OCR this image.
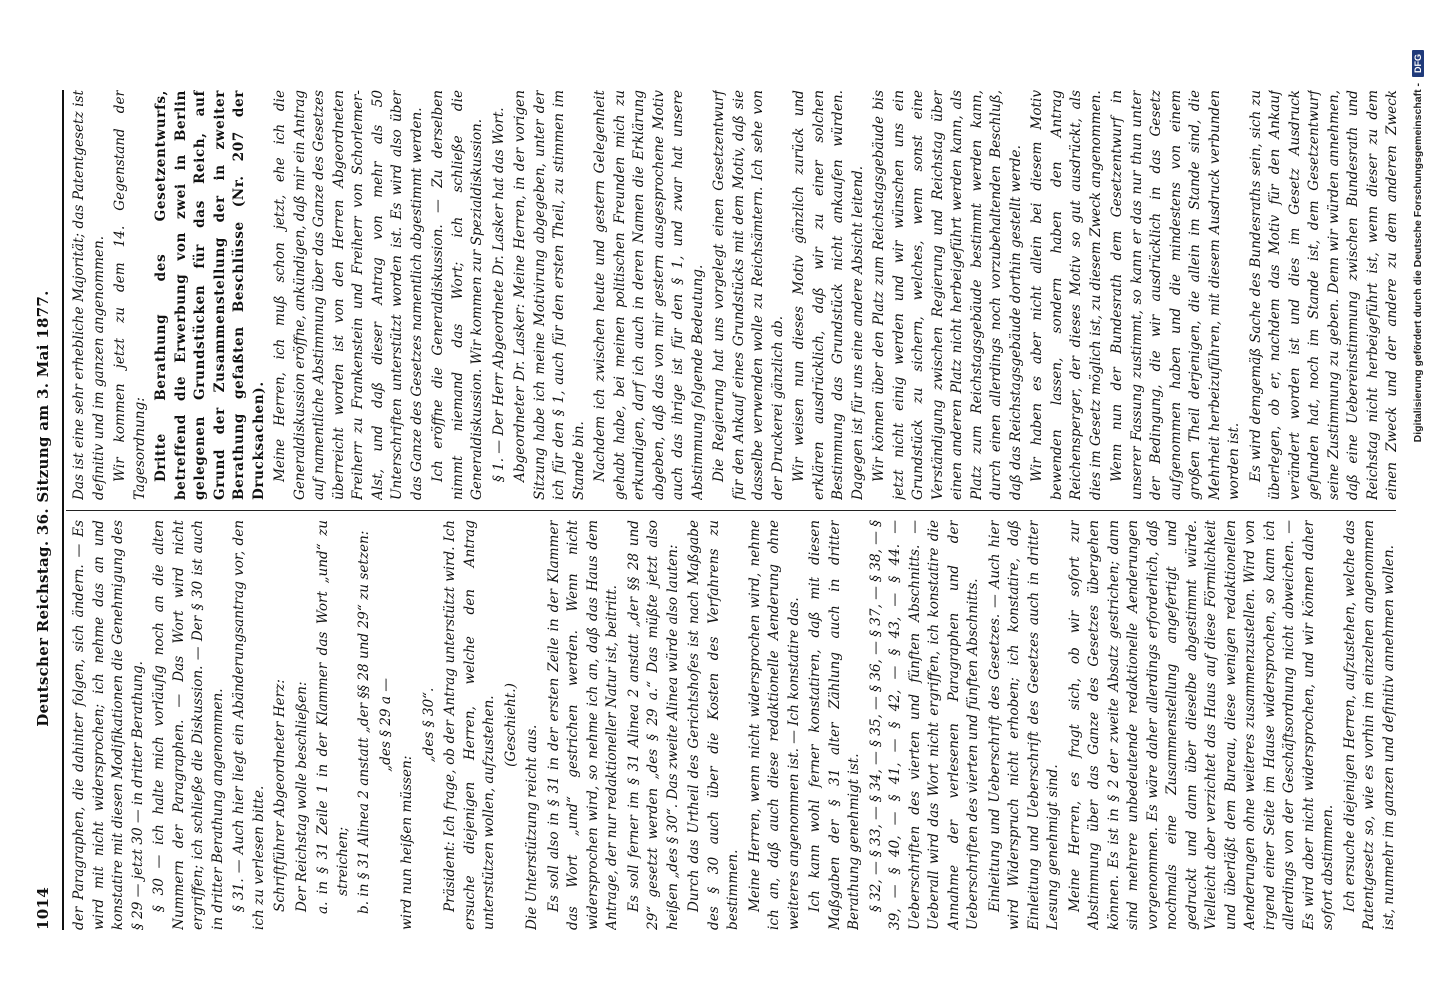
1014
Deutscher Reichstag. 36. Sitzung am 3. Mai 1877. der Paragraphen, die dahinter folgen, sich ändern. — Es wird mit nicht widersprochen; ich nehme das an und konstatire mit diesen Modifikationen die Genehmigung des § 29 — jetzt 30 — in dritter Berathung. § 30 — ich halte mich vorläufig noch an die alten Nummern der Paragraphen. — Das Wort wird nicht ergriffen; ich schließe die Diskussion. — Der § 30 ist auch in dritter Berathung angenommen. § 31. — Auch hier liegt ein Abänderungsantrag vor, den ich zu verlesen bitte. Schriftführer Abgeordneter Herz: Der Reichstag wolle beschließen: a. in § 31 Zeile 1 in der Klammer das Wort „und“ zu streichen; b. in § 31 Alinea 2 anstatt „der §§ 28 und 29“ zu setzen: „des § 29 a —

wird nun heißen müssen:

„des § 30“. Präsident: Ich frage, ob der Antrag unterstützt wird. Ich ersuche diejenigen Herren, welche den Antrag unterstützen wollen, aufzustehen. (Geschieht.) Die Unterstützung reicht aus. Es soll also in § 31 in der ersten Zeile in der Klammer das Wort „und“ gestrichen werden. Wenn nicht widersprochen wird, so nehme ich an, daß das Haus dem Antrage, der nur redaktioneller Natur ist, beitritt. Es soll ferner im § 31 Alinea 2 anstatt „der §§ 28 und 29“ gesetzt werden „des § 29 a.“ Das müßte jetzt also heißen „des § 30“. Das zweite Alinea würde also lauten: Durch das Urtheil des Gerichtshofes ist nach Maßgabe des § 30 auch über die Kosten des Verfahrens zu bestimmen. Meine Herren, wenn nicht widersprochen wird, nehme ich an, daß auch diese redaktionelle Aenderung ohne weiteres angenommen ist. — Ich konstatire das. Ich kann wohl ferner konstatiren, daß mit diesen Maßgaben der § 31 alter Zählung auch in dritter Berathung genehmigt ist. § 32, — § 33, — § 34, — § 35, — § 36, — § 37, — § 38, — § 39, — § 40, — § 41, — § 42, — § 43, — § 44. — Ueberschriften des vierten und fünften Abschnitts. — Ueberall wird das Wort nicht ergriffen, ich konstatire die Annahme der verlesenen Paragraphen und der Ueberschriften des vierten und fünften Abschnitts. Einleitung und Ueberschrift des Gesetzes. — Auch hier wird Widerspruch nicht erhoben; ich konstatire, daß Einleitung und Ueberschrift des Gesetzes auch in dritter Lesung genehmigt sind. Meine Herren, es fragt sich, ob wir sofort zur Abstimmung über das Ganze des Gesetzes übergehen können. Es ist in § 2 der zweite Absatz gestrichen; dann sind mehrere unbedeutende redaktionelle Aenderungen vorgenommen. Es wäre daher allerdings erforderlich, daß nochmals eine Zusammenstellung angefertigt und gedruckt und dann über dieselbe abgestimmt würde. Vielleicht aber verzichtet das Haus auf diese Förmlichkeit und überläßt dem Bureau, diese wenigen redaktionellen Aenderungen ohne weiteres zusammenzustellen. Wird von irgend einer Seite im Hause widersprochen, so kann ich allerdings von der Geschäftsordnung nicht abweichen. — Es wird aber nicht widersprochen, und wir können daher sofort abstimmen. Ich ersuche diejenigen Herren, aufzustehen, welche das Patentgesetz so, wie es vorhin im einzelnen angenommen ist, nunmehr im ganzen und definitiv annehmen wollen.

Das ist eine sehr erhebliche Majorität; das Patentgesetz ist definitiv und im ganzen angenommen. Wir kommen jetzt zu dem 14. Gegenstand der Tagesordnung: Dritte Berathung des Gesetzentwurfs, betreffend die Erwerbung von zwei in Berlin gelegenen Grundstücken für das Reich, auf Grund der Zusammenstellung der in zweiter Berathung gefaßten Beschlüsse (Nr. 207 der Drucksachen). Meine Herren, ich muß schon jetzt, ehe ich die Generaldiskussion eröffne, ankündigen, daß mir ein Antrag auf namentliche Abstimmung über das Ganze des Gesetzes überreicht worden ist von den Herren Abgeordneten Freiherr zu Frankenstein und Freiherr von Schorlemer-Alst, und daß dieser Antrag von mehr als 50 Unterschriften unterstützt worden ist. Es wird also über das Ganze des Gesetzes namentlich abgestimmt werden. Ich eröffne die Generaldiskussion. — Zu derselben nimmt niemand das Wort; ich schließe die Generaldiskussion. Wir kommen zur Spezialdiskussion. § 1. — Der Herr Abgeordnete Dr. Lasker hat das Wort. Abgeordneter Dr. Lasker: Meine Herren, in der vorigen Sitzung habe ich meine Motivirung abgegeben, unter der ich für den § 1, auch für den ersten Theil, zu stimmen im Stande bin. Nachdem ich zwischen heute und gestern Gelegenheit gehabt habe, bei meinen politischen Freunden mich zu erkundigen, darf ich auch in deren Namen die Erklärung abgeben, daß das von mir gestern ausgesprochene Motiv auch das ihrige ist für den § 1, und zwar hat unsere Abstimmung folgende Bedeutung. Die Regierung hat uns vorgelegt einen Gesetzentwurf für den Ankauf eines Grundstücks mit dem Motiv, daß sie dasselbe verwenden wolle zu Reichsämtern. Ich sehe von der Druckerei gänzlich ab. Wir weisen nun dieses Motiv gänzlich zurück und erklären ausdrücklich, daß wir zu einer solchen Bestimmung das Grundstück nicht ankaufen würden. Dagegen ist für uns eine andere Absicht leitend. Wir können über den Platz zum Reichstagsgebäude bis jetzt nicht einig werden und wir wünschen uns ein Grundstück zu sichern, welches, wenn sonst eine Verständigung zwischen Regierung und Reichstag über einen anderen Platz nicht herbeigeführt werden kann, als Platz zum Reichstagsgebäude bestimmt werden kann, durch einen allerdings noch vorzubehaltenden Beschluß, daß das Reichstagsgebäude dorthin gestellt werde. Wir haben es aber nicht allein bei diesem Motiv bewenden lassen, sondern haben den Antrag Reichensperger, der dieses Motiv so gut ausdrückt, als dies im Gesetz möglich ist, zu diesem Zweck angenommen. Wenn nun der Bundesrath dem Gesetzentwurf in unserer Fassung zustimmt, so kann er das nur thun unter der Bedingung, die wir ausdrücklich in das Gesetz aufgenommen haben und die mindestens von einem großen Theil derjenigen, die allein im Stande sind, die Mehrheit herbeizuführen, mit diesem Ausdruck verbunden worden ist. Es wird demgemäß Sache des Bundesraths sein, sich zu überlegen, ob er, nachdem das Motiv für den Ankauf verändert worden ist und dies im Gesetz Ausdruck gefunden hat, noch im Stande ist, dem Gesetzentwurf seine Zustimmung zu geben. Denn wir würden annehmen, daß eine Uebereinstimmung zwischen Bundesrath und Reichstag nicht herbeigeführt ist, wenn dieser zu dem einen Zweck und der andere zu dem anderen Zweck	Digitalisierung gefördert durch die Deutsche Forschungsgemeinschaft -
DFG
